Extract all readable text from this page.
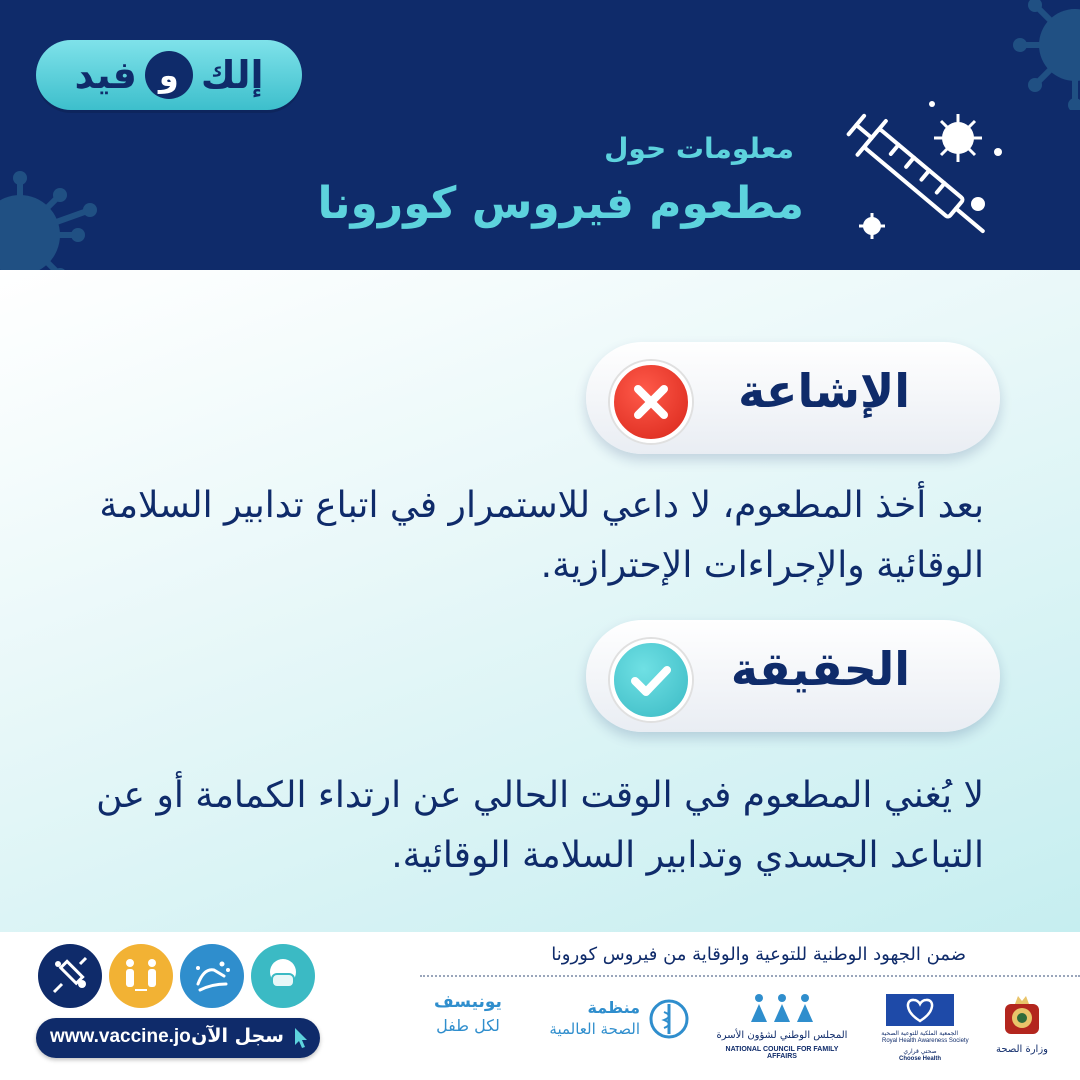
إلك
و
فيد
معلومات حول
مطعوم فيروس كورونا
الإشاعة
بعد أخذ المطعوم، لا داعي للاستمرار في اتباع تدابير السلامة الوقائية والإجراءات الإحترازية.
الحقيقة
لا يُغني المطعوم في الوقت الحالي عن ارتداء الكمامة أو عن التباعد الجسدي وتدابير السلامة الوقائية.
www.vaccine.jo سجل الآن
ضمن الجهود الوطنية للتوعية والوقاية من فيروس كورونا
يونيسف
لكل طفل
منظمة
الصحة العالمية	المجلس الوطني لشؤون الأسرة
NATIONAL COUNCIL FOR FAMILY AFFAIRS
الجمعية الملكية للتوعية الصحية
Royal Health Awareness Society
صحتي قراري
Choose Health
وزارة الصحة
